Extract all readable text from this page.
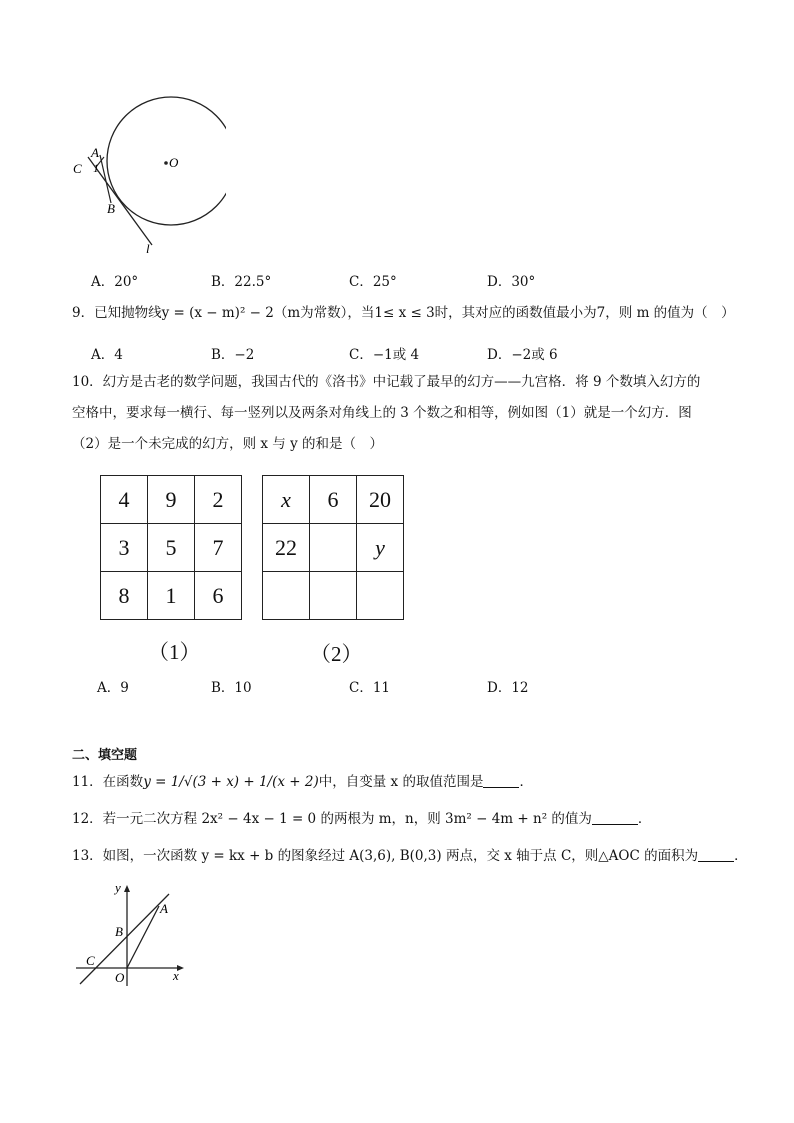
A
C 1
B
O
l
A．20°	B．22.5°	C．25°	D．30°
9．已知抛物线y = (x − m)² − 2（m为常数），当1≤ x ≤ 3时，其对应的函数值最小为7，则 m 的值为（　）
A．4	B．−2	C．−1或 4	D．−2或 6
10．幻方是古老的数学问题，我国古代的《洛书》中记载了最早的幻方——九宫格．将 9 个数填入幻方的
空格中，要求每一横行、每一竖列以及两条对角线上的 3 个数之和相等，例如图（1）就是一个幻方．图
（2）是一个未完成的幻方，则 x 与 y 的和是（　）
4	9	2
3	5	7
8	1	6
x	6	20
22		y

（1）	（2）
A．9	B．10	C．11	D．12
二、填空题
11．在函数y = 1/√(3 + x) + 1/(x + 2)中，自变量 x 的取值范围是	．
12．若一元二次方程 2x² − 4x − 1 = 0 的两根为 m，n，则 3m² − 4m + n² 的值为	．
13．如图，一次函数 y = kx + b 的图象经过 A(3,6), B(0,3) 两点，交 x 轴于点 C，则△AOC 的面积为	．
y
A
B
C
O	x
